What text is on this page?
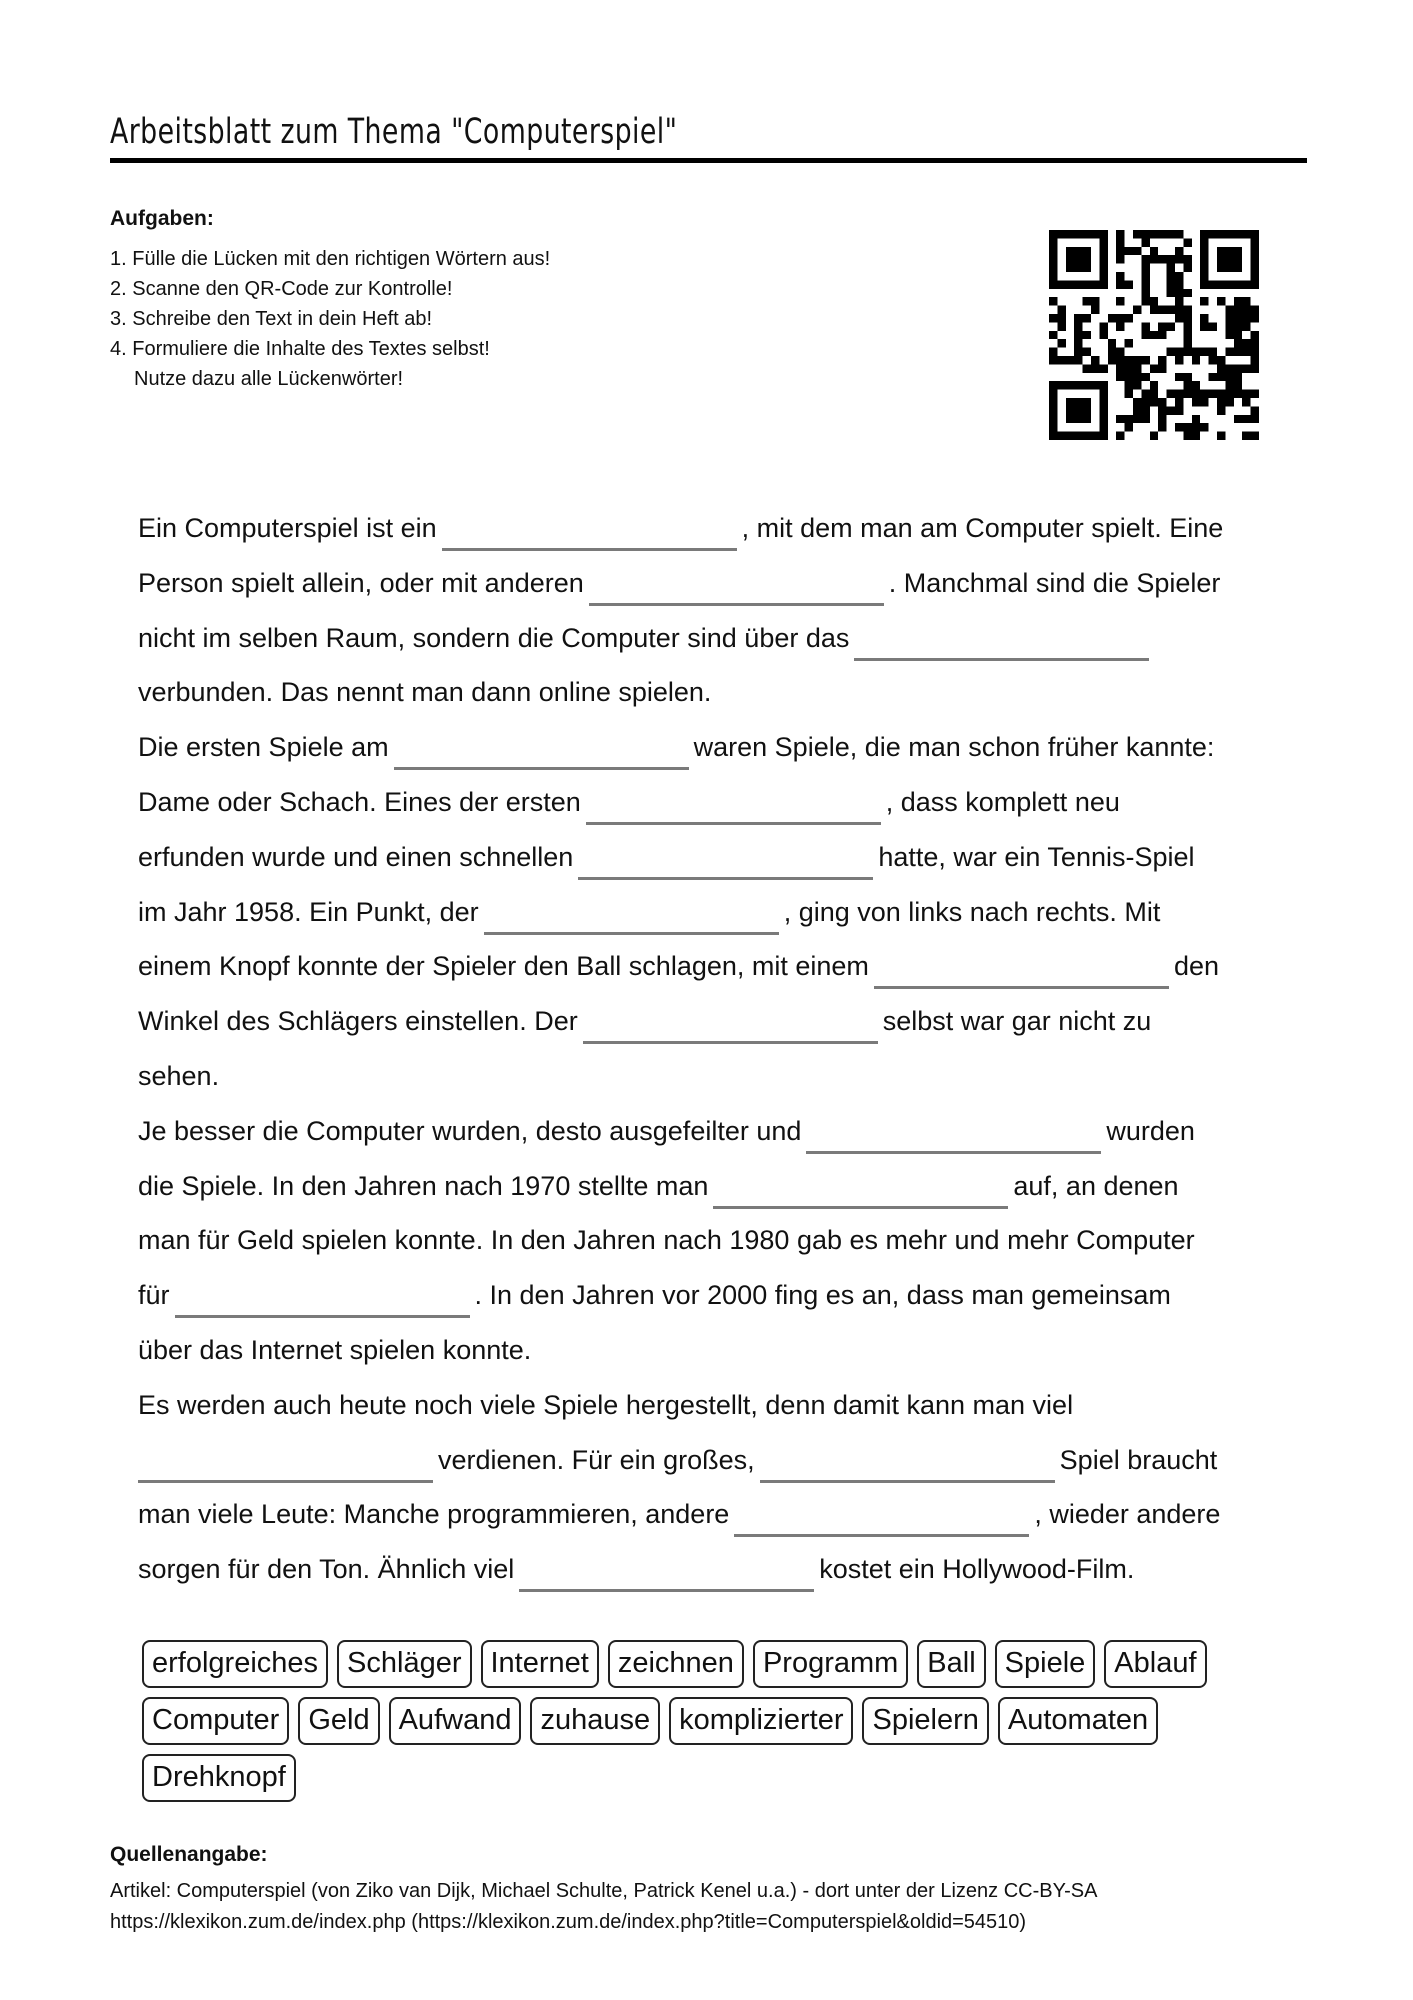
Arbeitsblatt zum Thema "Computerspiel"
Aufgaben:
1. Fülle die Lücken mit den richtigen Wörtern aus!
2. Scanne den QR-Code zur Kontrolle!
3. Schreibe den Text in dein Heft ab!
4. Formuliere die Inhalte des Textes selbst!
Nutze dazu alle Lückenwörter!
Ein Computerspiel ist ein	, mit dem man am Computer spielt. Eine
Person spielt allein, oder mit anderen	. Manchmal sind die Spieler
nicht im selben Raum, sondern die Computer sind über das
verbunden. Das nennt man dann online spielen.
Die ersten Spiele am	waren Spiele, die man schon früher kannte:
Dame oder Schach. Eines der ersten	, dass komplett neu
erfunden wurde und einen schnellen	hatte, war ein Tennis-Spiel
im Jahr 1958. Ein Punkt, der	, ging von links nach rechts. Mit
einem Knopf konnte der Spieler den Ball schlagen, mit einem	den
Winkel des Schlägers einstellen. Der	selbst war gar nicht zu
sehen.
Je besser die Computer wurden, desto ausgefeilter und	wurden
die Spiele. In den Jahren nach 1970 stellte man	auf, an denen
man für Geld spielen konnte. In den Jahren nach 1980 gab es mehr und mehr Computer
für	. In den Jahren vor 2000 fing es an, dass man gemeinsam
über das Internet spielen konnte.
Es werden auch heute noch viele Spiele hergestellt, denn damit kann man viel
verdienen. Für ein großes,	Spiel braucht
man viele Leute: Manche programmieren, andere	, wieder andere
sorgen für den Ton. Ähnlich viel	kostet ein Hollywood-Film.
erfolgreiches	Schläger	Internet	zeichnen	Programm	Ball	Spiele	Ablauf
Computer	Geld	Aufwand	zuhause	komplizierter	Spielern	Automaten
Drehknopf
Quellenangabe:
Artikel: Computerspiel (von Ziko van Dijk, Michael Schulte, Patrick Kenel u.a.) - dort unter der Lizenz CC-BY-SA
https://klexikon.zum.de/index.php (https://klexikon.zum.de/index.php?title=Computerspiel&oldid=54510)
